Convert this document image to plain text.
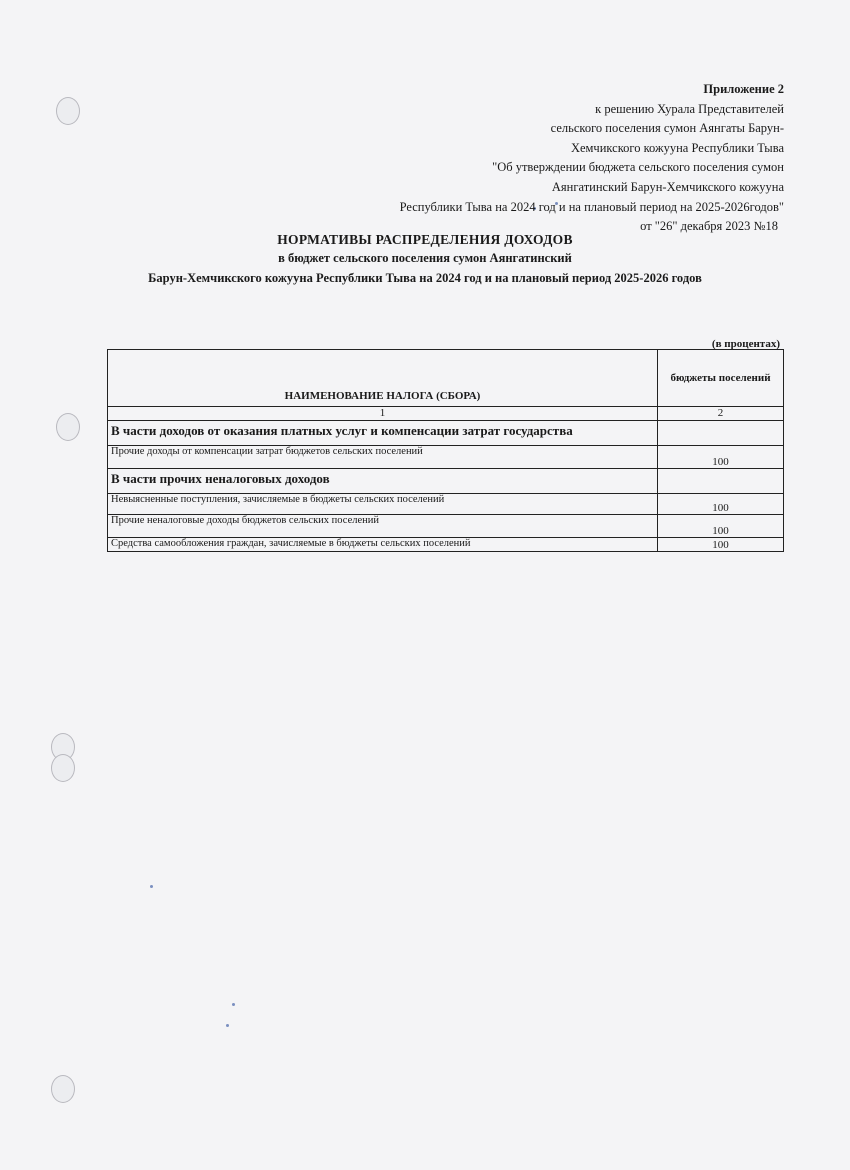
Приложение 2
к решению Хурала Представителей
сельского поселения сумон Аянгаты Барун-
Хемчикского кожууна Республики Тыва
"Об утверждении бюджета сельского поселения сумон
Аянгатинский Барун-Хемчикского кожууна
Республики Тыва на 2024 год и на плановый период на 2025-2026годов"
от "26" декабря 2023 №18
НОРМАТИВЫ РАСПРЕДЕЛЕНИЯ ДОХОДОВ
в бюджет сельского поселения сумон Аянгатинский
Барун-Хемчикского кожууна Республики Тыва на 2024 год и на плановый период 2025-2026 годов
(в процентах)
НАИМЕНОВАНИЕ НАЛОГА (СБОРА)	бюджеты поселений
1	2
В части доходов от оказания платных услуг и компенсации затрат государства	
Прочие доходы от компенсации затрат бюджетов сельских поселений	100
В части прочих неналоговых доходов	
Невыясненные поступления, зачисляемые в бюджеты сельских поселений	100
Прочие неналоговые доходы бюджетов сельских поселений	100
Средства самообложения граждан, зачисляемые в бюджеты сельских поселений	100
